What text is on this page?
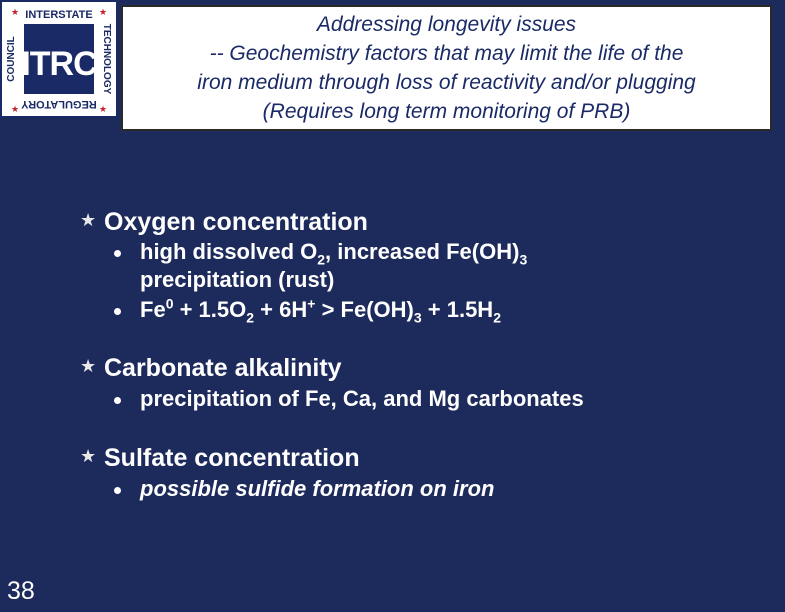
INTERSTATE
REGULATORY
TECHNOLOGY
COUNCIL ITRC
★	★
★	★
Addressing longevity issues
-- Geochemistry factors that may limit the life of the
iron medium through loss of reactivity and/or plugging
(Requires long term monitoring of PRB)
★ Oxygen concentration
high dissolved $O_2$, increased $Fe(OH)_3$
precipitation (rust)
$Fe^0 + 1.5O_2 + 6H^+ > Fe(OH)_3 + 1.5H_2$
★ Carbonate alkalinity
precipitation of Fe, Ca, and Mg carbonates
★ Sulfate concentration
possible sulfide formation on iron
38
